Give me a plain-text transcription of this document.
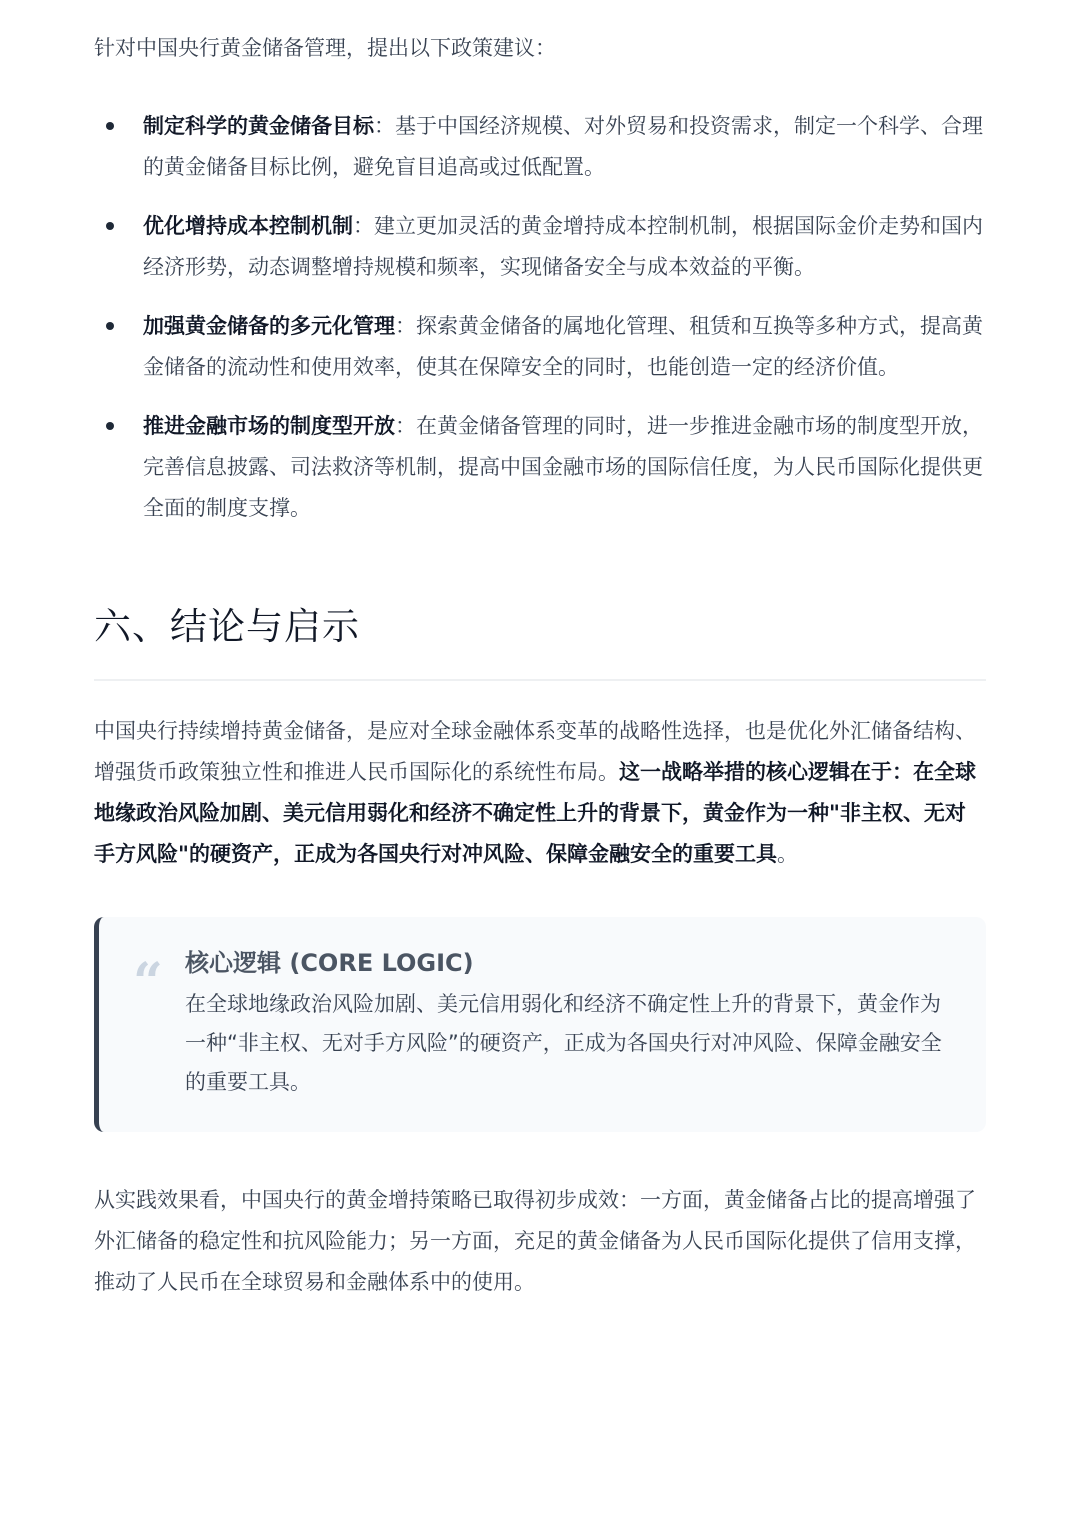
针对中国央行黄金储备管理，提出以下政策建议：

制定科学的黄金储备目标：基于中国经济规模、对外贸易和投资需求，制定一个科学、合理的黄金储备目标比例，避免盲目追高或过低配置。
优化增持成本控制机制：建立更加灵活的黄金增持成本控制机制，根据国际金价走势和国内经济形势，动态调整增持规模和频率，实现储备安全与成本效益的平衡。
加强黄金储备的多元化管理：探索黄金储备的属地化管理、租赁和互换等多种方式，提高黄金储备的流动性和使用效率，使其在保障安全的同时，也能创造一定的经济价值。
推进金融市场的制度型开放：在黄金储备管理的同时，进一步推进金融市场的制度型开放，完善信息披露、司法救济等机制，提高中国金融市场的国际信任度，为人民币国际化提供更全面的制度支撑。
六、结论与启示

中国央行持续增持黄金储备，是应对全球金融体系变革的战略性选择，也是优化外汇储备结构、增强货币政策独立性和推进人民币国际化的系统性布局。这一战略举措的核心逻辑在于：在全球地缘政治风险加剧、美元信用弱化和经济不确定性上升的背景下，黄金作为一种"非主权、无对手方风险"的硬资产，正成为各国央行对冲风险、保障金融安全的重要工具。

“ 核心逻辑 (CORE LOGIC)

在全球地缘政治风险加剧、美元信用弱化和经济不确定性上升的背景下，黄金作为一种“非主权、无对手方风险”的硬资产，正成为各国央行对冲风险、保障金融安全的重要工具。

从实践效果看，中国央行的黄金增持策略已取得初步成效：一方面，黄金储备占比的提高增强了外汇储备的稳定性和抗风险能力；另一方面，充足的黄金储备为人民币国际化提供了信用支撑，推动了人民币在全球贸易和金融体系中的使用。
